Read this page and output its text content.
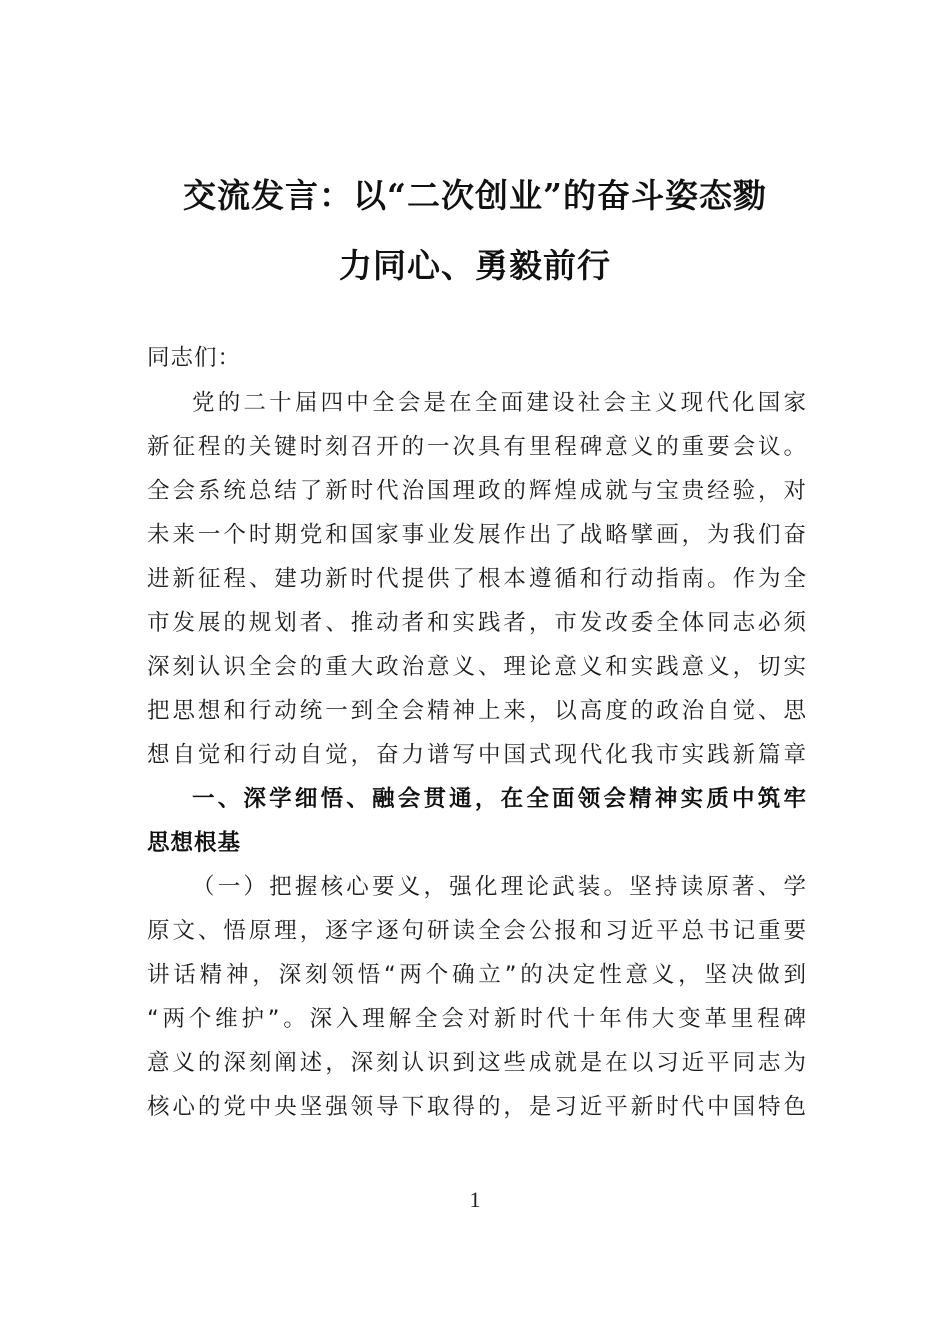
交流发言：以“二次创业”的奋斗姿态勠
力同心、勇毅前行
同志们：
党的二十届四中全会是在全面建设社会主义现代化国家
新征程的关键时刻召开的一次具有里程碑意义的重要会议。
全会系统总结了新时代治国理政的辉煌成就与宝贵经验，对
未来一个时期党和国家事业发展作出了战略擘画，为我们奋
进新征程、建功新时代提供了根本遵循和行动指南。作为全
市发展的规划者、推动者和实践者，市发改委全体同志必须
深刻认识全会的重大政治意义、理论意义和实践意义，切实
把思想和行动统一到全会精神上来，以高度的政治自觉、思
想自觉和行动自觉，奋力谱写中国式现代化我市实践新篇章
一、深学细悟、融会贯通，在全面领会精神实质中筑牢
思想根基
（一）把握核心要义，强化理论武装。坚持读原著、学
原文、悟原理，逐字逐句研读全会公报和习近平总书记重要
讲话精神，深刻领悟“两个确立”的决定性意义，坚决做到
“两个维护”。深入理解全会对新时代十年伟大变革里程碑
意义的深刻阐述，深刻认识到这些成就是在以习近平同志为
核心的党中央坚强领导下取得的，是习近平新时代中国特色
1
